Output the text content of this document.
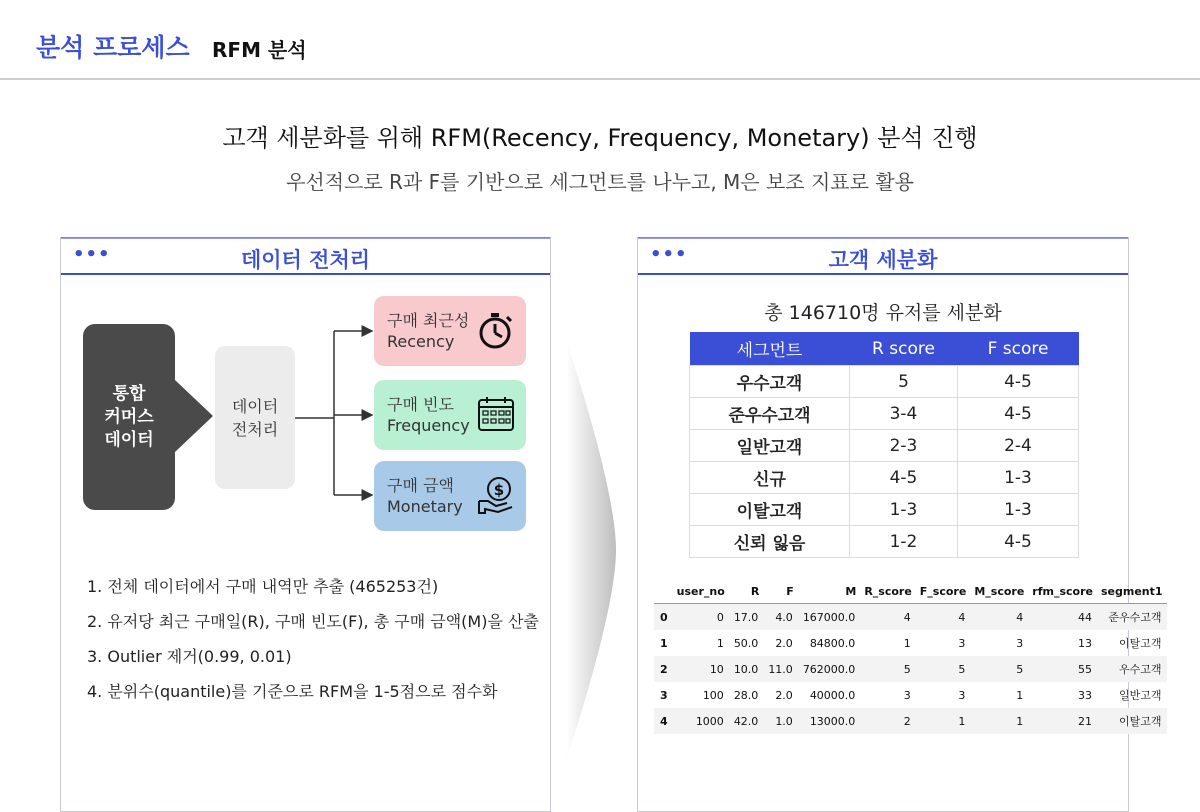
분석 프로세스 RFM 분석
고객 세분화를 위해 RFM(Recency, Frequency, Monetary) 분석 진행
우선적으로 R과 F를 기반으로 세그먼트를 나누고, M은 보조 지표로 활용
•••	데이터 전처리
통합
커머스
데이터
데이터
전처리
구매 최근성
Recency
구매 빈도
Frequency
구매 금액
Monetary
$
1. 전체 데이터에서 구매 내역만 추출 (465253건)
2. 유저당 최근 구매일(R), 구매 빈도(F), 총 구매 금액(M)을 산출
3. Outlier 제거(0.99, 0.01)
4. 분위수(quantile)를 기준으로 RFM을 1-5점으로 점수화
•••	고객 세분화
총 146710명 유저를 세분화
세그먼트	R score	F score
우수고객	5	4-5
준우수고객	3-4	4-5
일반고객	2-3	2-4
신규	4-5	1-3
이탈고객	1-3	1-3
신뢰 잃음	1-2	4-5
	user_no	R	F	M	R_score	F_score	M_score	rfm_score	segment1
0	0	17.0	4.0	167000.0	4	4	4	44	준우수고객
1	1	50.0	2.0	84800.0	1	3	3	13	이탈고객
2	10	10.0	11.0	762000.0	5	5	5	55	우수고객
3	100	28.0	2.0	40000.0	3	3	1	33	일반고객
4	1000	42.0	1.0	13000.0	2	1	1	21	이탈고객
